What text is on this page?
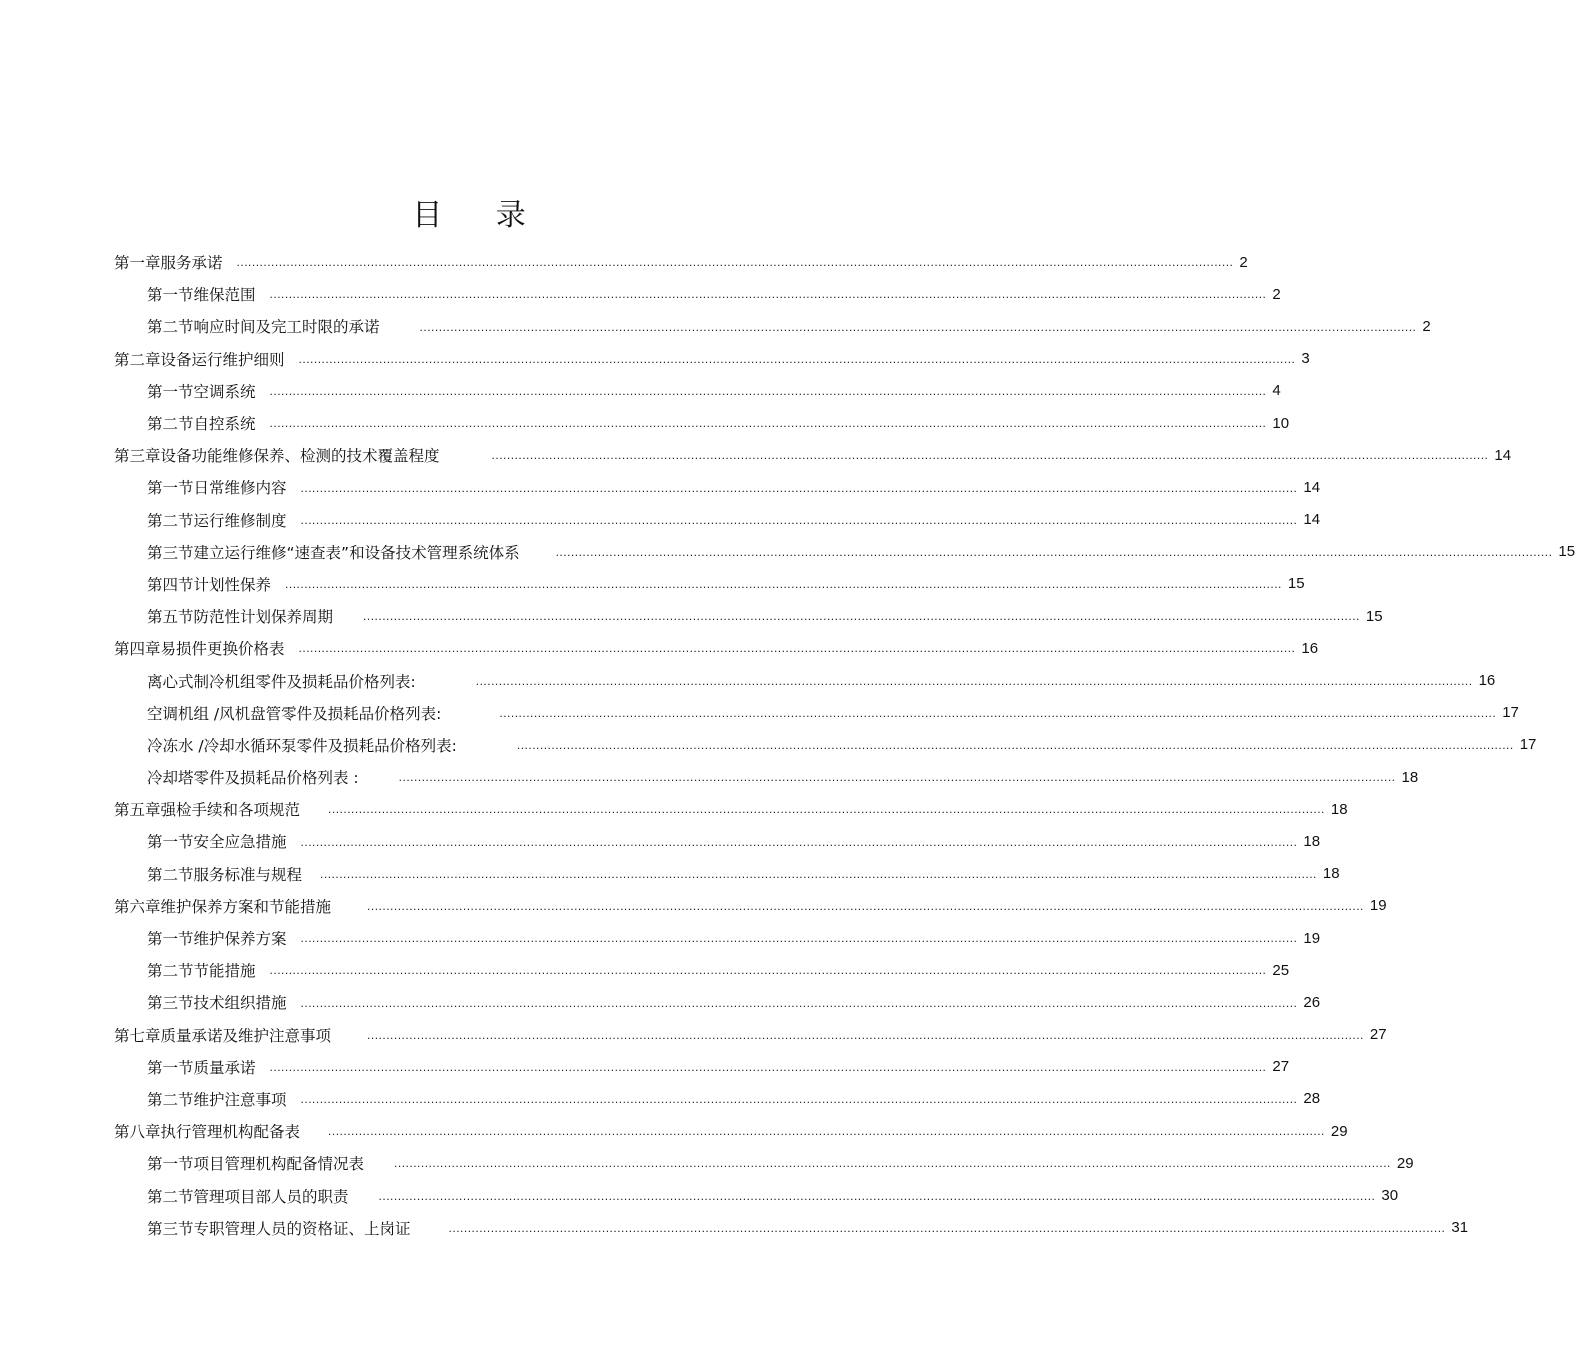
目 录
第一章 服务承诺 .................................................................................................................................................................................................................................................................... 2
第一节 维保范围 .................................................................................................................................................................................................................................................................... 2
第二节 响应时间及完工时限的承诺	.................................................................................................................................................................................................................................................................... 2
第二章 设备运行维护细则 .................................................................................................................................................................................................................................................................... 3
第一节 空调系统 .................................................................................................................................................................................................................................................................... 4
第二节 自控系统 .................................................................................................................................................................................................................................................................... 10
第三章 设备功能维修保养、检测的技术覆盖程度	.................................................................................................................................................................................................................................................................... 14
第一节 日常维修内容 .................................................................................................................................................................................................................................................................... 14
第二节 运行维修制度 .................................................................................................................................................................................................................................................................... 14
第三节 建立运行维修“速查表”和设备技术管理系统体系	.................................................................................................................................................................................................................................................................... 15
第四节 计划性保养 .................................................................................................................................................................................................................................................................... 15
第五节 防范性计划保养周期	.................................................................................................................................................................................................................................................................... 15
第四章 易损件更换价格表 .................................................................................................................................................................................................................................................................... 16
离心式制冷机组零件及损耗品价格列表:	.................................................................................................................................................................................................................................................................... 16
空调机组 /风机盘管零件及损耗品价格列表:	.................................................................................................................................................................................................................................................................... 17
冷冻水 /冷却水循环泵零件及损耗品价格列表:	.................................................................................................................................................................................................................................................................... 17
冷却塔零件及损耗品价格列表 :	.................................................................................................................................................................................................................................................................... 18
第五章 强检手续和各项规范 .................................................................................................................................................................................................................................................................... 18
第一节 安全应急措施 .................................................................................................................................................................................................................................................................... 18
第二节 服务标准与规程 .................................................................................................................................................................................................................................................................... 18
第六章 维护保养方案和节能措施	.................................................................................................................................................................................................................................................................... 19
第一节 维护保养方案 .................................................................................................................................................................................................................................................................... 19
第二节 节能措施 .................................................................................................................................................................................................................................................................... 25
第三节 技术组织措施 .................................................................................................................................................................................................................................................................... 26
第七章 质量承诺及维护注意事项	.................................................................................................................................................................................................................................................................... 27
第一节 质量承诺 .................................................................................................................................................................................................................................................................... 27
第二节 维护注意事项 .................................................................................................................................................................................................................................................................... 28
第八章 执行管理机构配备表 .................................................................................................................................................................................................................................................................... 29
第一节 项目管理机构配备情况表	.................................................................................................................................................................................................................................................................... 29
第二节 管理项目部人员的职责	.................................................................................................................................................................................................................................................................... 30
第三节 专职管理人员的资格证、上岗证	.................................................................................................................................................................................................................................................................... 31
